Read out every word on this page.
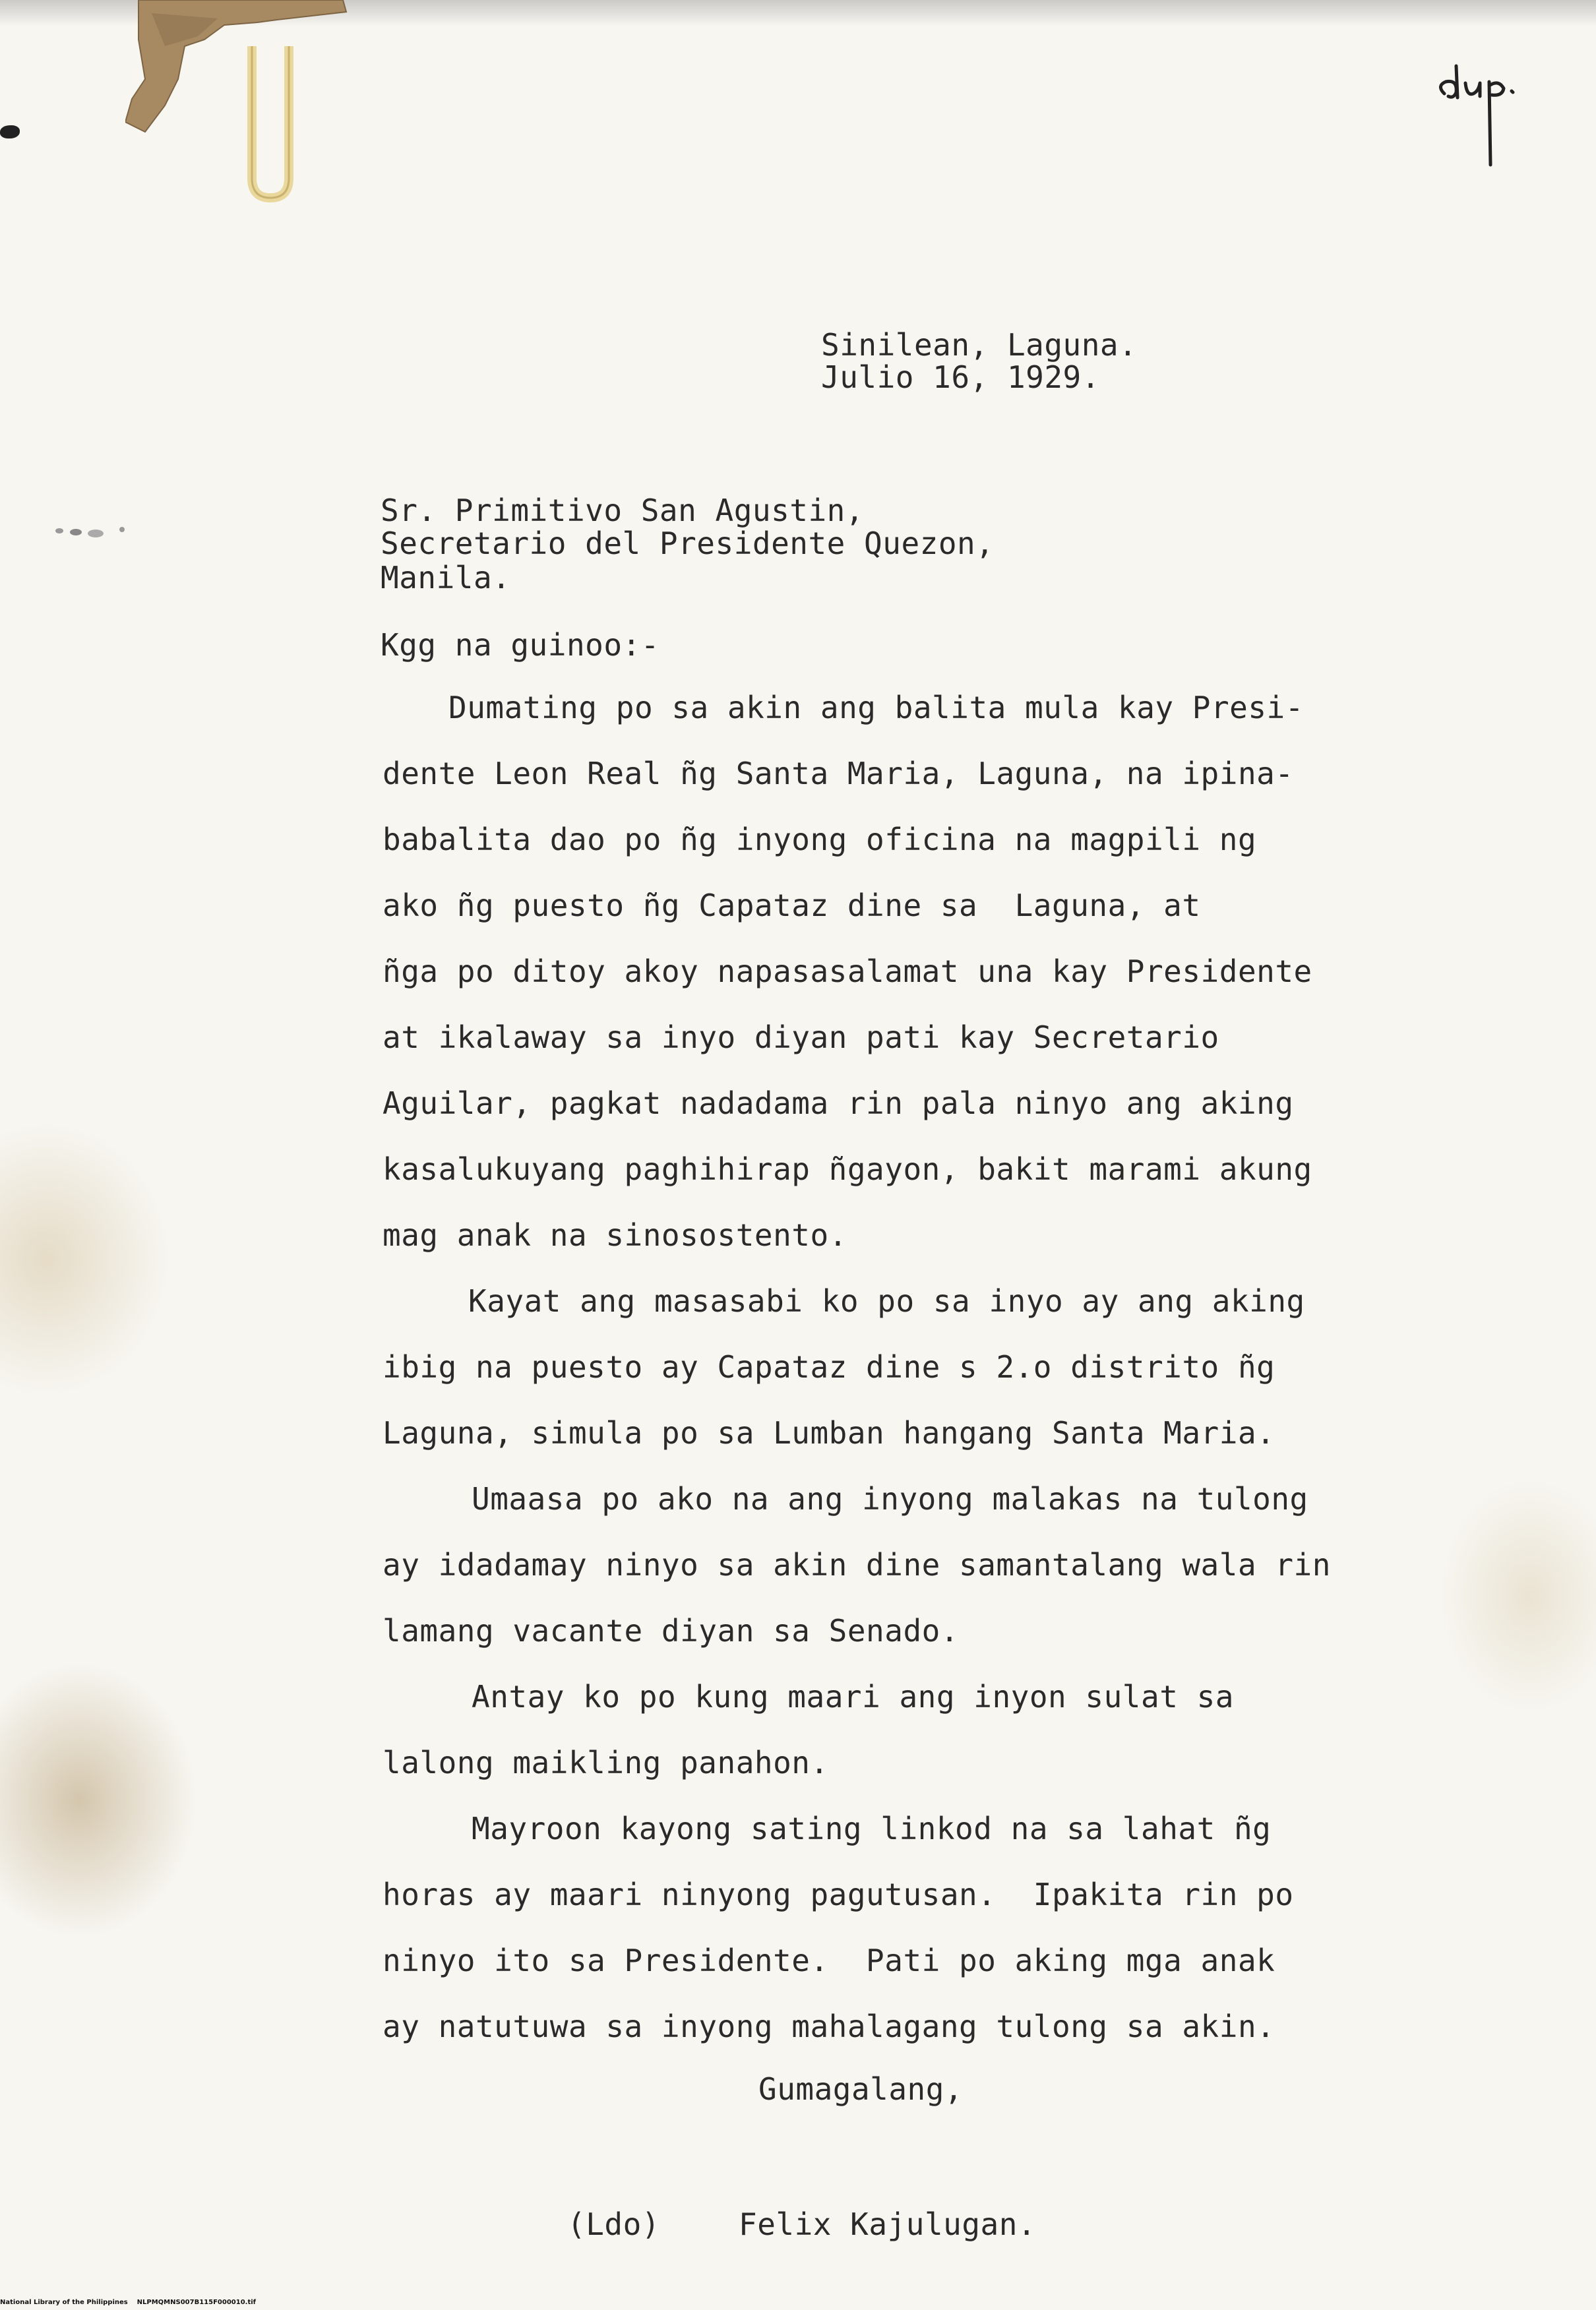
Sinilean, Laguna.
Julio 16, 1929.
Sr. Primitivo San Agustin,
Secretario del Presidente Quezon,
Manila.
Kgg na guinoo:-
Dumating po sa akin ang balita mula kay Presi-
dente Leon Real ñg Santa Maria, Laguna, na ipina-
babalita dao po ñg inyong oficina na magpili ng
ako ñg puesto ñg Capataz dine sa  Laguna, at
ñga po ditoy akoy napasasalamat una kay Presidente
at ikalaway sa inyo diyan pati kay Secretario
Aguilar, pagkat nadadama rin pala ninyo ang aking
kasalukuyang paghihirap ñgayon, bakit marami akung
mag anak na sinosostento.
Kayat ang masasabi ko po sa inyo ay ang aking
ibig na puesto ay Capataz dine s 2.o distrito ñg
Laguna, simula po sa Lumban hangang Santa Maria.
Umaasa po ako na ang inyong malakas na tulong
ay idadamay ninyo sa akin dine samantalang wala rin
lamang vacante diyan sa Senado.
Antay ko po kung maari ang inyon sulat sa
lalong maikling panahon.
Mayroon kayong sating linkod na sa lahat ñg
horas ay maari ninyong pagutusan.  Ipakita rin po
ninyo ito sa Presidente.  Pati po aking mga anak
ay natutuwa sa inyong mahalagang tulong sa akin.
Gumagalang,
(Ldo)	Felix Kajulugan.
National Library of the Philippines    NLPMQMNS007B115F000010.tif
